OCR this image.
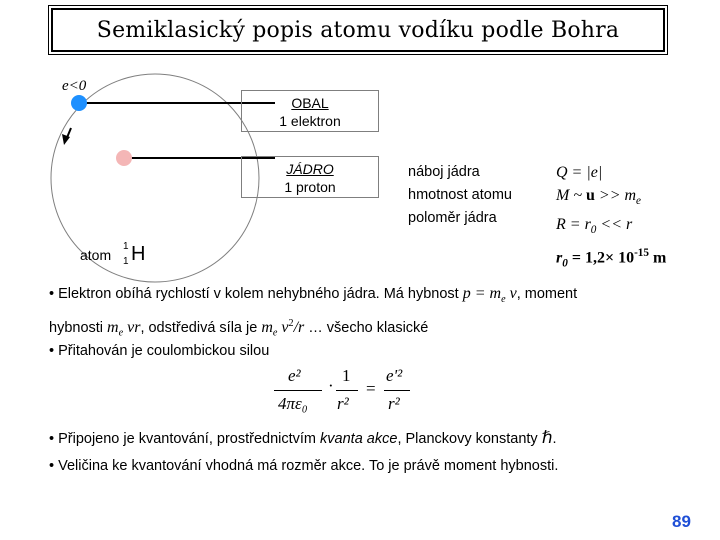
Semiklasický popis atomu vodíku podle Bohra
e<0
OBAL
1 elektron
JÁDRO
1 proton
atom
1
1 H
náboj jádra
hmotnost atomu
poloměr jádra
Q = |e|
M ~ $u >> m_e$
$R = r_0 << r$
$r_0 = 1,2\times 10^{-15}$ m
• Elektron obíhá rychlostí v kolem nehybného jádra. Má hybnost $p = m_e$ v, moment
hybnosti $m_e$ vr, odstředivá síla je $m_e$ $v^2/r$ … všecho klasické
• Přitahován je coulombickou silou
e²
4πε₀
·
1
r²
=
e'²
r²
• Připojeno je kvantování, prostřednictvím kvanta akce, Planckovy konstanty ℏ.
• Veličina ke kvantování vhodná má rozměr akce. To je právě moment hybnosti.
89
